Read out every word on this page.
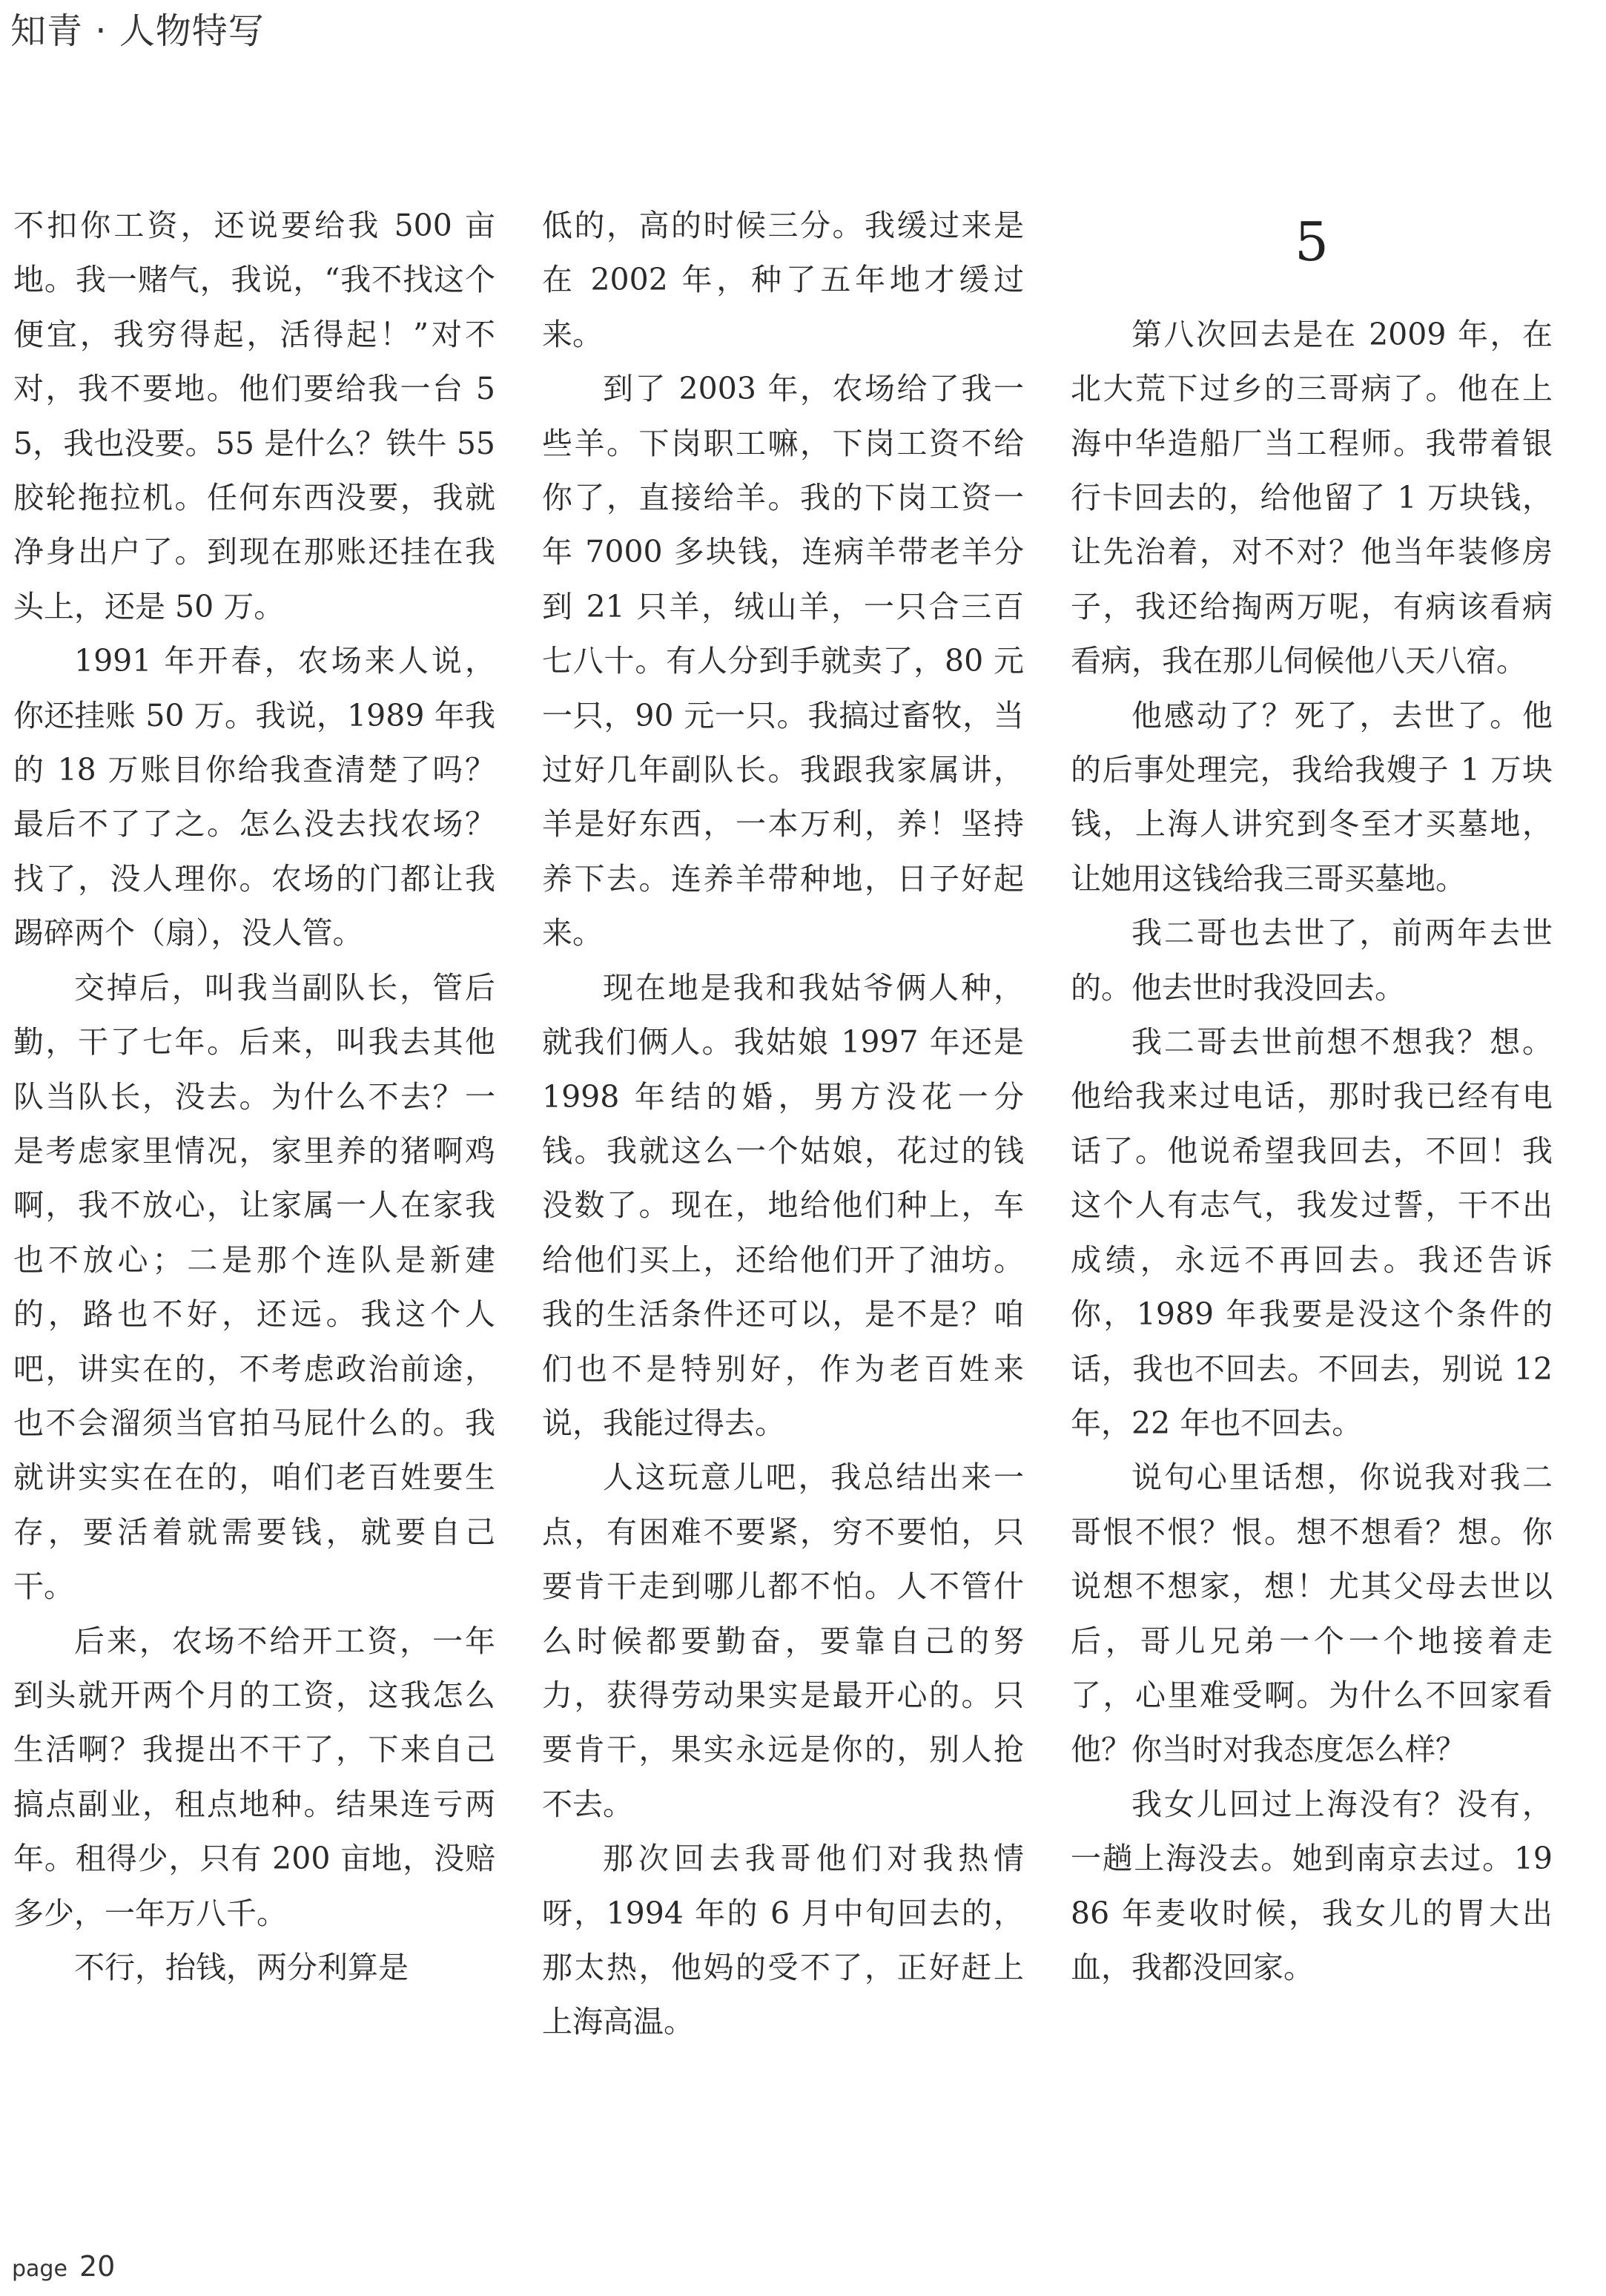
知青 · 人物特写

不扣你工资，还说要给我 500 亩地。我一赌气，我说，“我不找这个便宜，我穷得起，活得起！”对不对，我不要地。他们要给我一台 55，我也没要。55 是什么？铁牛 55 胶轮拖拉机。任何东西没要，我就净身出户了。到现在那账还挂在我头上，还是 50 万。

1991 年开春，农场来人说，你还挂账 50 万。我说，1989 年我的 18 万账目你给我查清楚了吗？最后不了了之。怎么没去找农场？找了，没人理你。农场的门都让我踢碎两个（扇），没人管。

交掉后，叫我当副队长，管后勤，干了七年。后来，叫我去其他队当队长，没去。为什么不去？一是考虑家里情况，家里养的猪啊鸡啊，我不放心，让家属一人在家我也不放心；二是那个连队是新建的，路也不好，还远。我这个人吧，讲实在的，不考虑政治前途，也不会溜须当官拍马屁什么的。我就讲实实在在的，咱们老百姓要生存，要活着就需要钱，就要自己干。

后来，农场不给开工资，一年到头就开两个月的工资，这我怎么生活啊？我提出不干了，下来自己搞点副业，租点地种。结果连亏两年。租得少，只有 200 亩地，没赔多少，一年万八千。

不行，抬钱，两分利算是

低的，高的时候三分。我缓过来是在 2002 年，种了五年地才缓过来。

到了 2003 年，农场给了我一些羊。下岗职工嘛，下岗工资不给你了，直接给羊。我的下岗工资一年 7000 多块钱，连病羊带老羊分到 21 只羊，绒山羊，一只合三百七八十。有人分到手就卖了，80 元一只，90 元一只。我搞过畜牧，当过好几年副队长。我跟我家属讲，羊是好东西，一本万利，养！坚持养下去。连养羊带种地，日子好起来。

现在地是我和我姑爷俩人种，就我们俩人。我姑娘 1997 年还是 1998 年结的婚，男方没花一分钱。我就这么一个姑娘，花过的钱没数了。现在，地给他们种上，车给他们买上，还给他们开了油坊。我的生活条件还可以，是不是？咱们也不是特别好，作为老百姓来说，我能过得去。

人这玩意儿吧，我总结出来一点，有困难不要紧，穷不要怕，只要肯干走到哪儿都不怕。人不管什么时候都要勤奋，要靠自己的努力，获得劳动果实是最开心的。只要肯干，果实永远是你的，别人抢不去。

那次回去我哥他们对我热情呀，1994 年的 6 月中旬回去的，那太热，他妈的受不了，正好赶上上海高温。

5

第八次回去是在 2009 年，在北大荒下过乡的三哥病了。他在上海中华造船厂当工程师。我带着银行卡回去的，给他留了 1 万块钱，让先治着，对不对？他当年装修房子，我还给掏两万呢，有病该看病看病，我在那儿伺候他八天八宿。

他感动了？死了，去世了。他的后事处理完，我给我嫂子 1 万块钱，上海人讲究到冬至才买墓地，让她用这钱给我三哥买墓地。

我二哥也去世了，前两年去世的。他去世时我没回去。

我二哥去世前想不想我？想。他给我来过电话，那时我已经有电话了。他说希望我回去，不回！我这个人有志气，我发过誓，干不出成绩，永远不再回去。我还告诉你，1989 年我要是没这个条件的话，我也不回去。不回去，别说 12 年，22 年也不回去。

说句心里话想，你说我对我二哥恨不恨？恨。想不想看？想。你说想不想家，想！尤其父母去世以后，哥儿兄弟一个一个地接着走了，心里难受啊。为什么不回家看他？你当时对我态度怎么样？

我女儿回过上海没有？没有，一趟上海没去。她到南京去过。1986 年麦收时候，我女儿的胃大出血，我都没回家。

page 20
